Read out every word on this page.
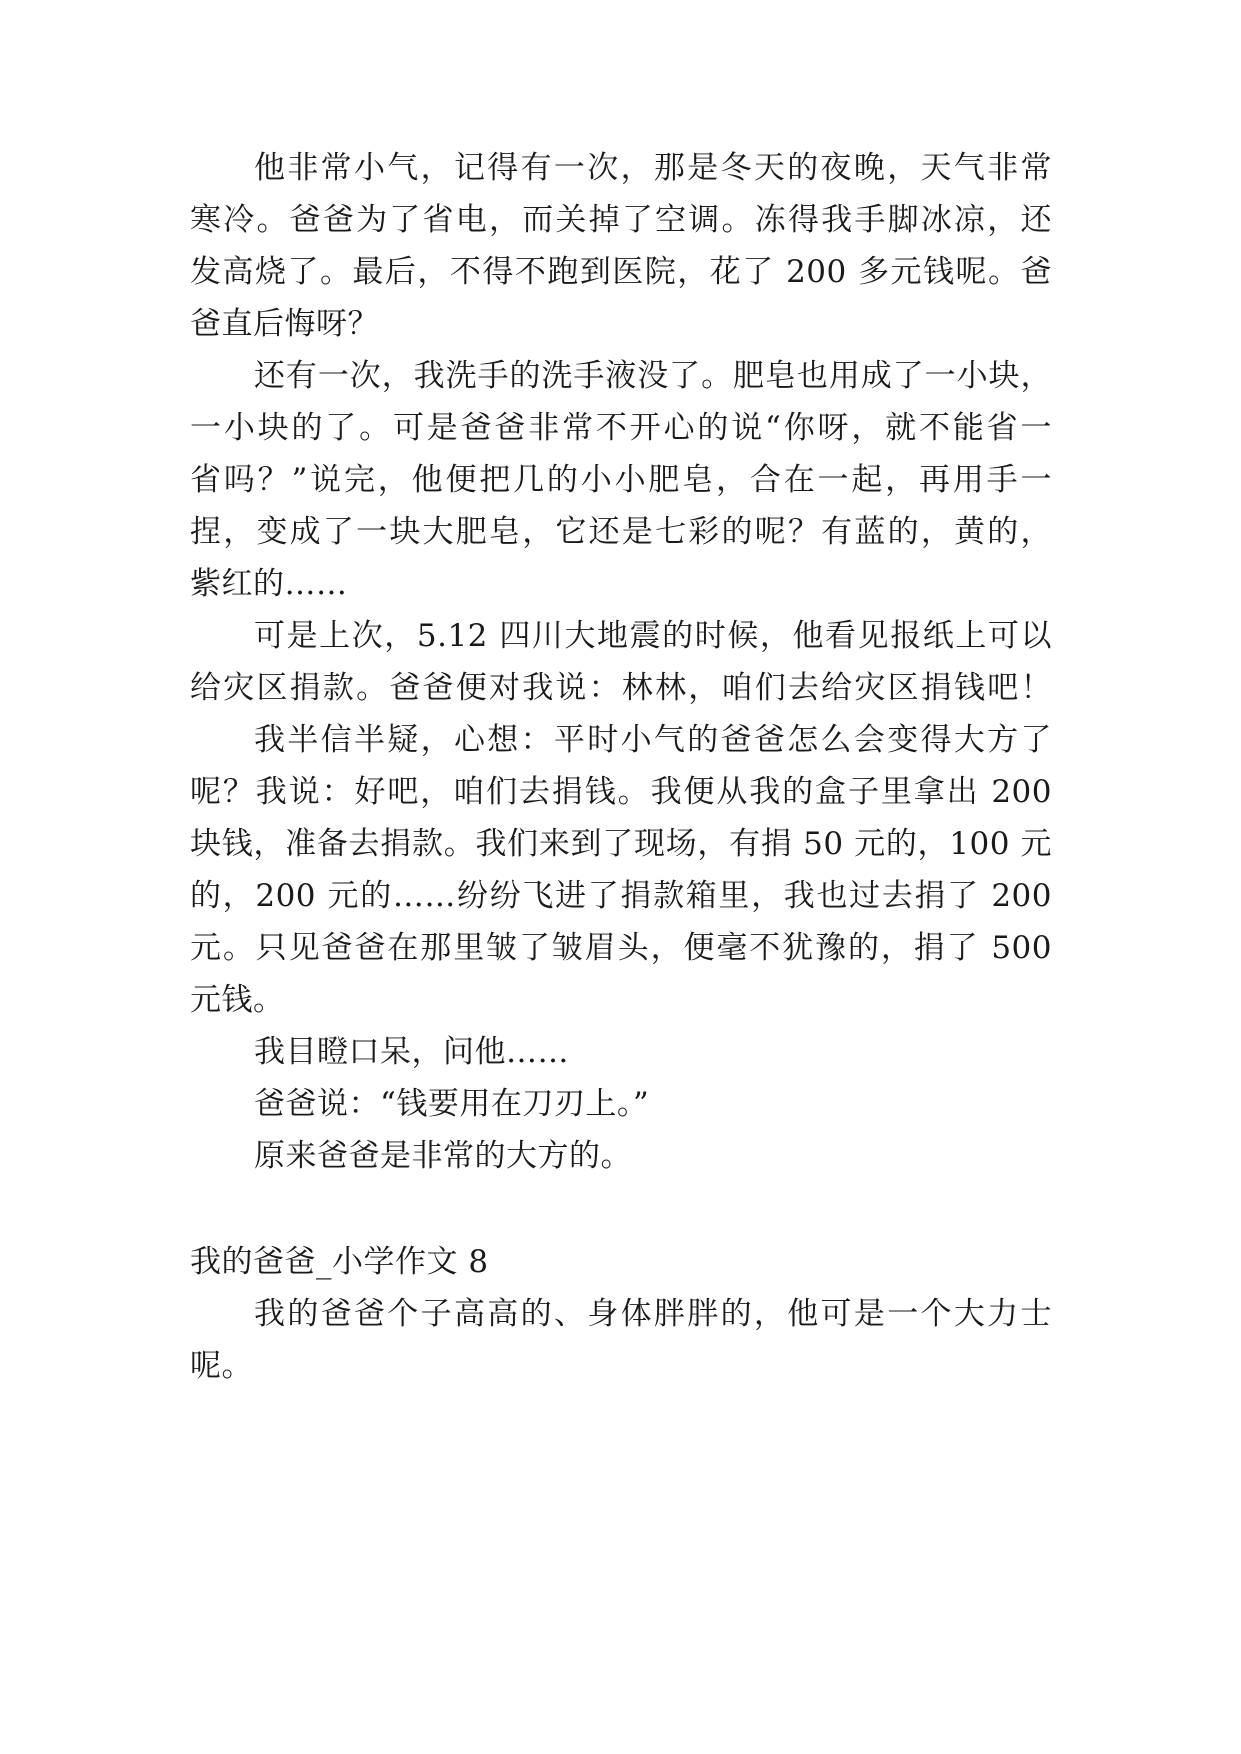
他非常小气，记得有一次，那是冬天的夜晚，天气非常
寒冷。爸爸为了省电，而关掉了空调。冻得我手脚冰凉，还
发高烧了。最后，不得不跑到医院，花了 200 多元钱呢。爸
爸直后悔呀？
还有一次，我洗手的洗手液没了。肥皂也用成了一小块，
一小块的了。可是爸爸非常不开心的说“你呀，就不能省一
省吗？”说完，他便把几的小小肥皂，合在一起，再用手一
捏，变成了一块大肥皂，它还是七彩的呢？有蓝的，黄的，
紫红的……
可是上次，5.12 四川大地震的时候，他看见报纸上可以
给灾区捐款。爸爸便对我说：林林，咱们去给灾区捐钱吧！
我半信半疑，心想：平时小气的爸爸怎么会变得大方了
呢？我说：好吧，咱们去捐钱。我便从我的盒子里拿出 200
块钱，准备去捐款。我们来到了现场，有捐 50 元的，100 元
的，200 元的……纷纷飞进了捐款箱里，我也过去捐了 200
元。只见爸爸在那里皱了皱眉头，便毫不犹豫的，捐了 500
元钱。
我目瞪口呆，问他……
爸爸说：“钱要用在刀刃上。”
原来爸爸是非常的大方的。
我的爸爸_小学作文 8
我的爸爸个子高高的、身体胖胖的，他可是一个大力士
呢。
